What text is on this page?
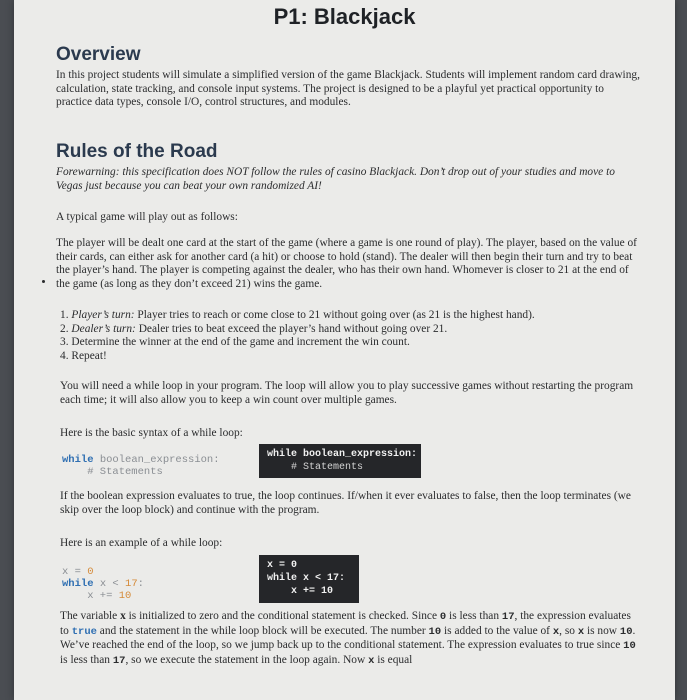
P1: Blackjack
Overview
In this project students will simulate a simplified version of the game Blackjack. Students will implement random card drawing, calculation, state tracking, and console input systems. The project is designed to be a playful yet practical opportunity to practice data types, console I/O, control structures, and modules.
Rules of the Road
Forewarning: this specification does NOT follow the rules of casino Blackjack. Don’t drop out of your studies and move to Vegas just because you can beat your own randomized AI!
A typical game will play out as follows:
The player will be dealt one card at the start of the game (where a game is one round of play). The player, based on the value of their cards, can either ask for another card (a hit) or choose to hold (stand). The dealer will then begin their turn and try to beat the player’s hand. The player is competing against the dealer, who has their own hand. Whomever is closer to 21 at the end of the game (as long as they don’t exceed 21) wins the game.
1. Player’s turn: Player tries to reach or come close to 21 without going over (as 21 is the highest hand).
2. Dealer’s turn: Dealer tries to beat exceed the player’s hand without going over 21.
3. Determine the winner at the end of the game and increment the win count.
4. Repeat!
You will need a while loop in your program. The loop will allow you to play successive games without restarting the program each time; it will also allow you to keep a win count over multiple games.
Here is the basic syntax of a while loop:
while boolean_expression:
# Statements
while boolean_expression:
# Statements
If the boolean expression evaluates to true, the loop continues. If/when it ever evaluates to false, then the loop terminates (we skip over the loop block) and continue with the program.
Here is an example of a while loop:
x = 0
while x < 17:
x += 10
x = 0
while x < 17:
x += 10
The variable x is initialized to zero and the conditional statement is checked. Since 0 is less than 17, the expression evaluates to true and the statement in the while loop block will be executed. The number 10 is added to the value of x, so x is now 10. We’ve reached the end of the loop, so we jump back up to the conditional statement. The expression evaluates to true since 10 is less than 17, so we execute the statement in the loop again. Now x is equal
